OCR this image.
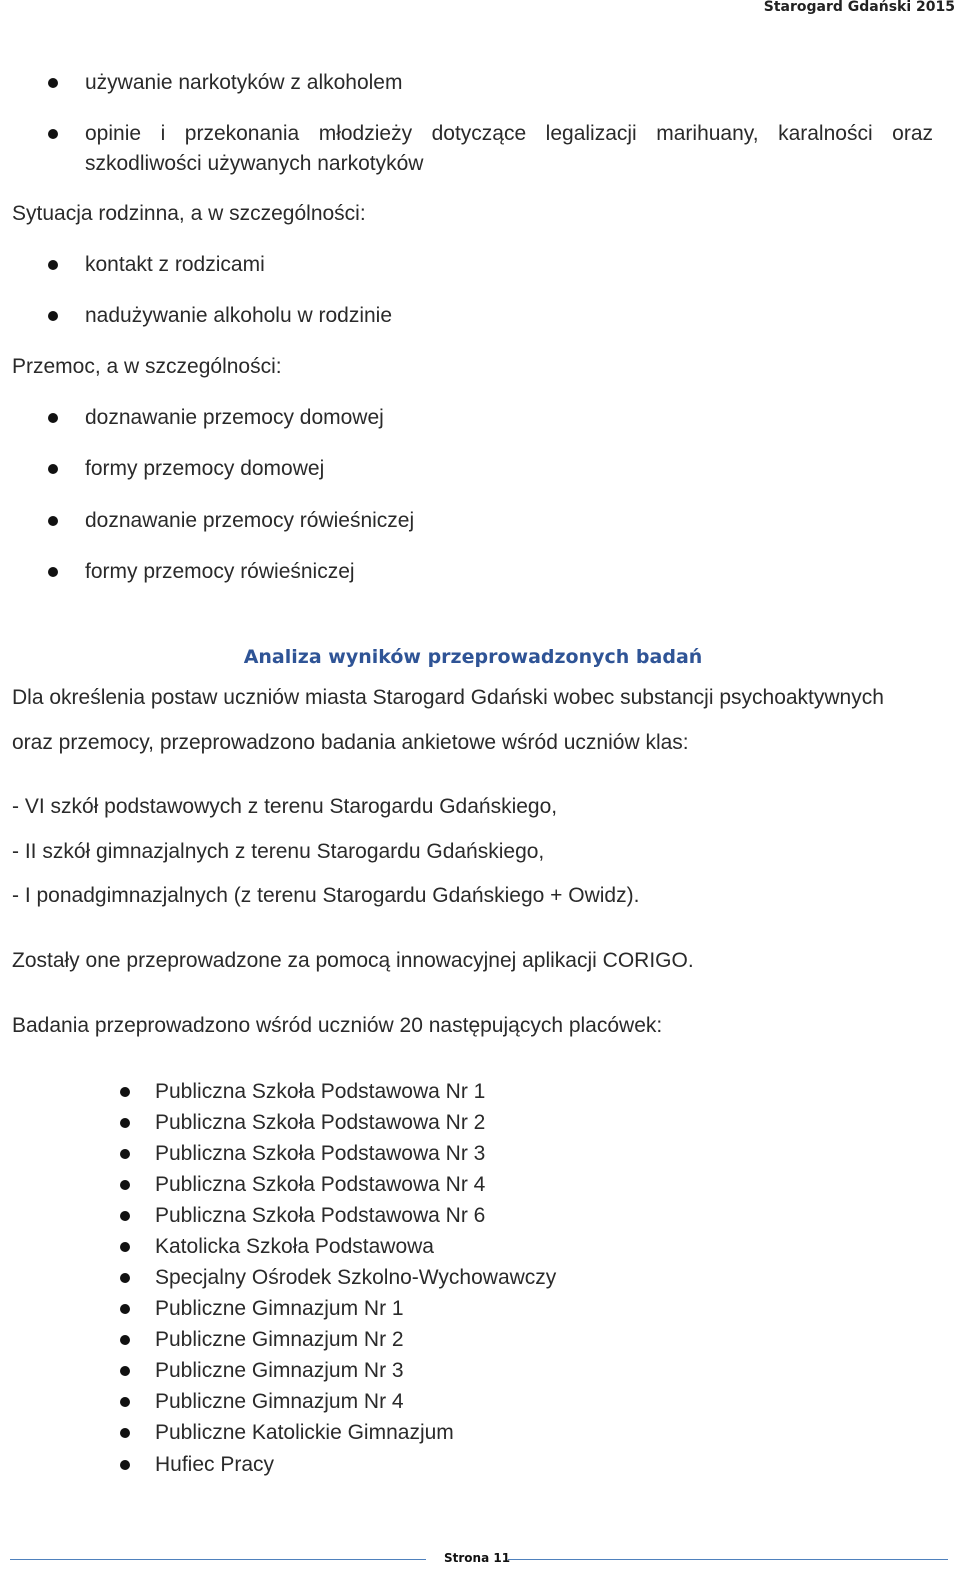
Starogard Gdański 2015
używanie narkotyków z alkoholem
opinie i przekonania młodzieży dotyczące legalizacji marihuany, karalności oraz
szkodliwości używanych narkotyków
Sytuacja rodzinna, a w szczególności:
kontakt z rodzicami
nadużywanie alkoholu w rodzinie
Przemoc, a w szczególności:
doznawanie przemocy domowej
formy przemocy domowej
doznawanie przemocy rówieśniczej
formy przemocy rówieśniczej
Analiza wyników przeprowadzonych badań
Dla określenia postaw uczniów miasta Starogard Gdański wobec substancji psychoaktywnych
oraz przemocy, przeprowadzono badania ankietowe wśród uczniów klas:
- VI szkół podstawowych z terenu Starogardu Gdańskiego,
- II szkół gimnazjalnych z terenu Starogardu Gdańskiego,
- I ponadgimnazjalnych (z terenu Starogardu Gdańskiego + Owidz).
Zostały one przeprowadzone za pomocą innowacyjnej aplikacji CORIGO.
Badania przeprowadzono wśród uczniów 20 następujących placówek:
Publiczna Szkoła Podstawowa Nr 1
Publiczna Szkoła Podstawowa Nr 2
Publiczna Szkoła Podstawowa Nr 3
Publiczna Szkoła Podstawowa Nr 4
Publiczna Szkoła Podstawowa Nr 6
Katolicka Szkoła Podstawowa
Specjalny Ośrodek Szkolno-Wychowawczy
Publiczne Gimnazjum Nr 1
Publiczne Gimnazjum Nr 2
Publiczne Gimnazjum Nr 3
Publiczne Gimnazjum Nr 4
Publiczne Katolickie Gimnazjum
Hufiec Pracy
Strona 11
